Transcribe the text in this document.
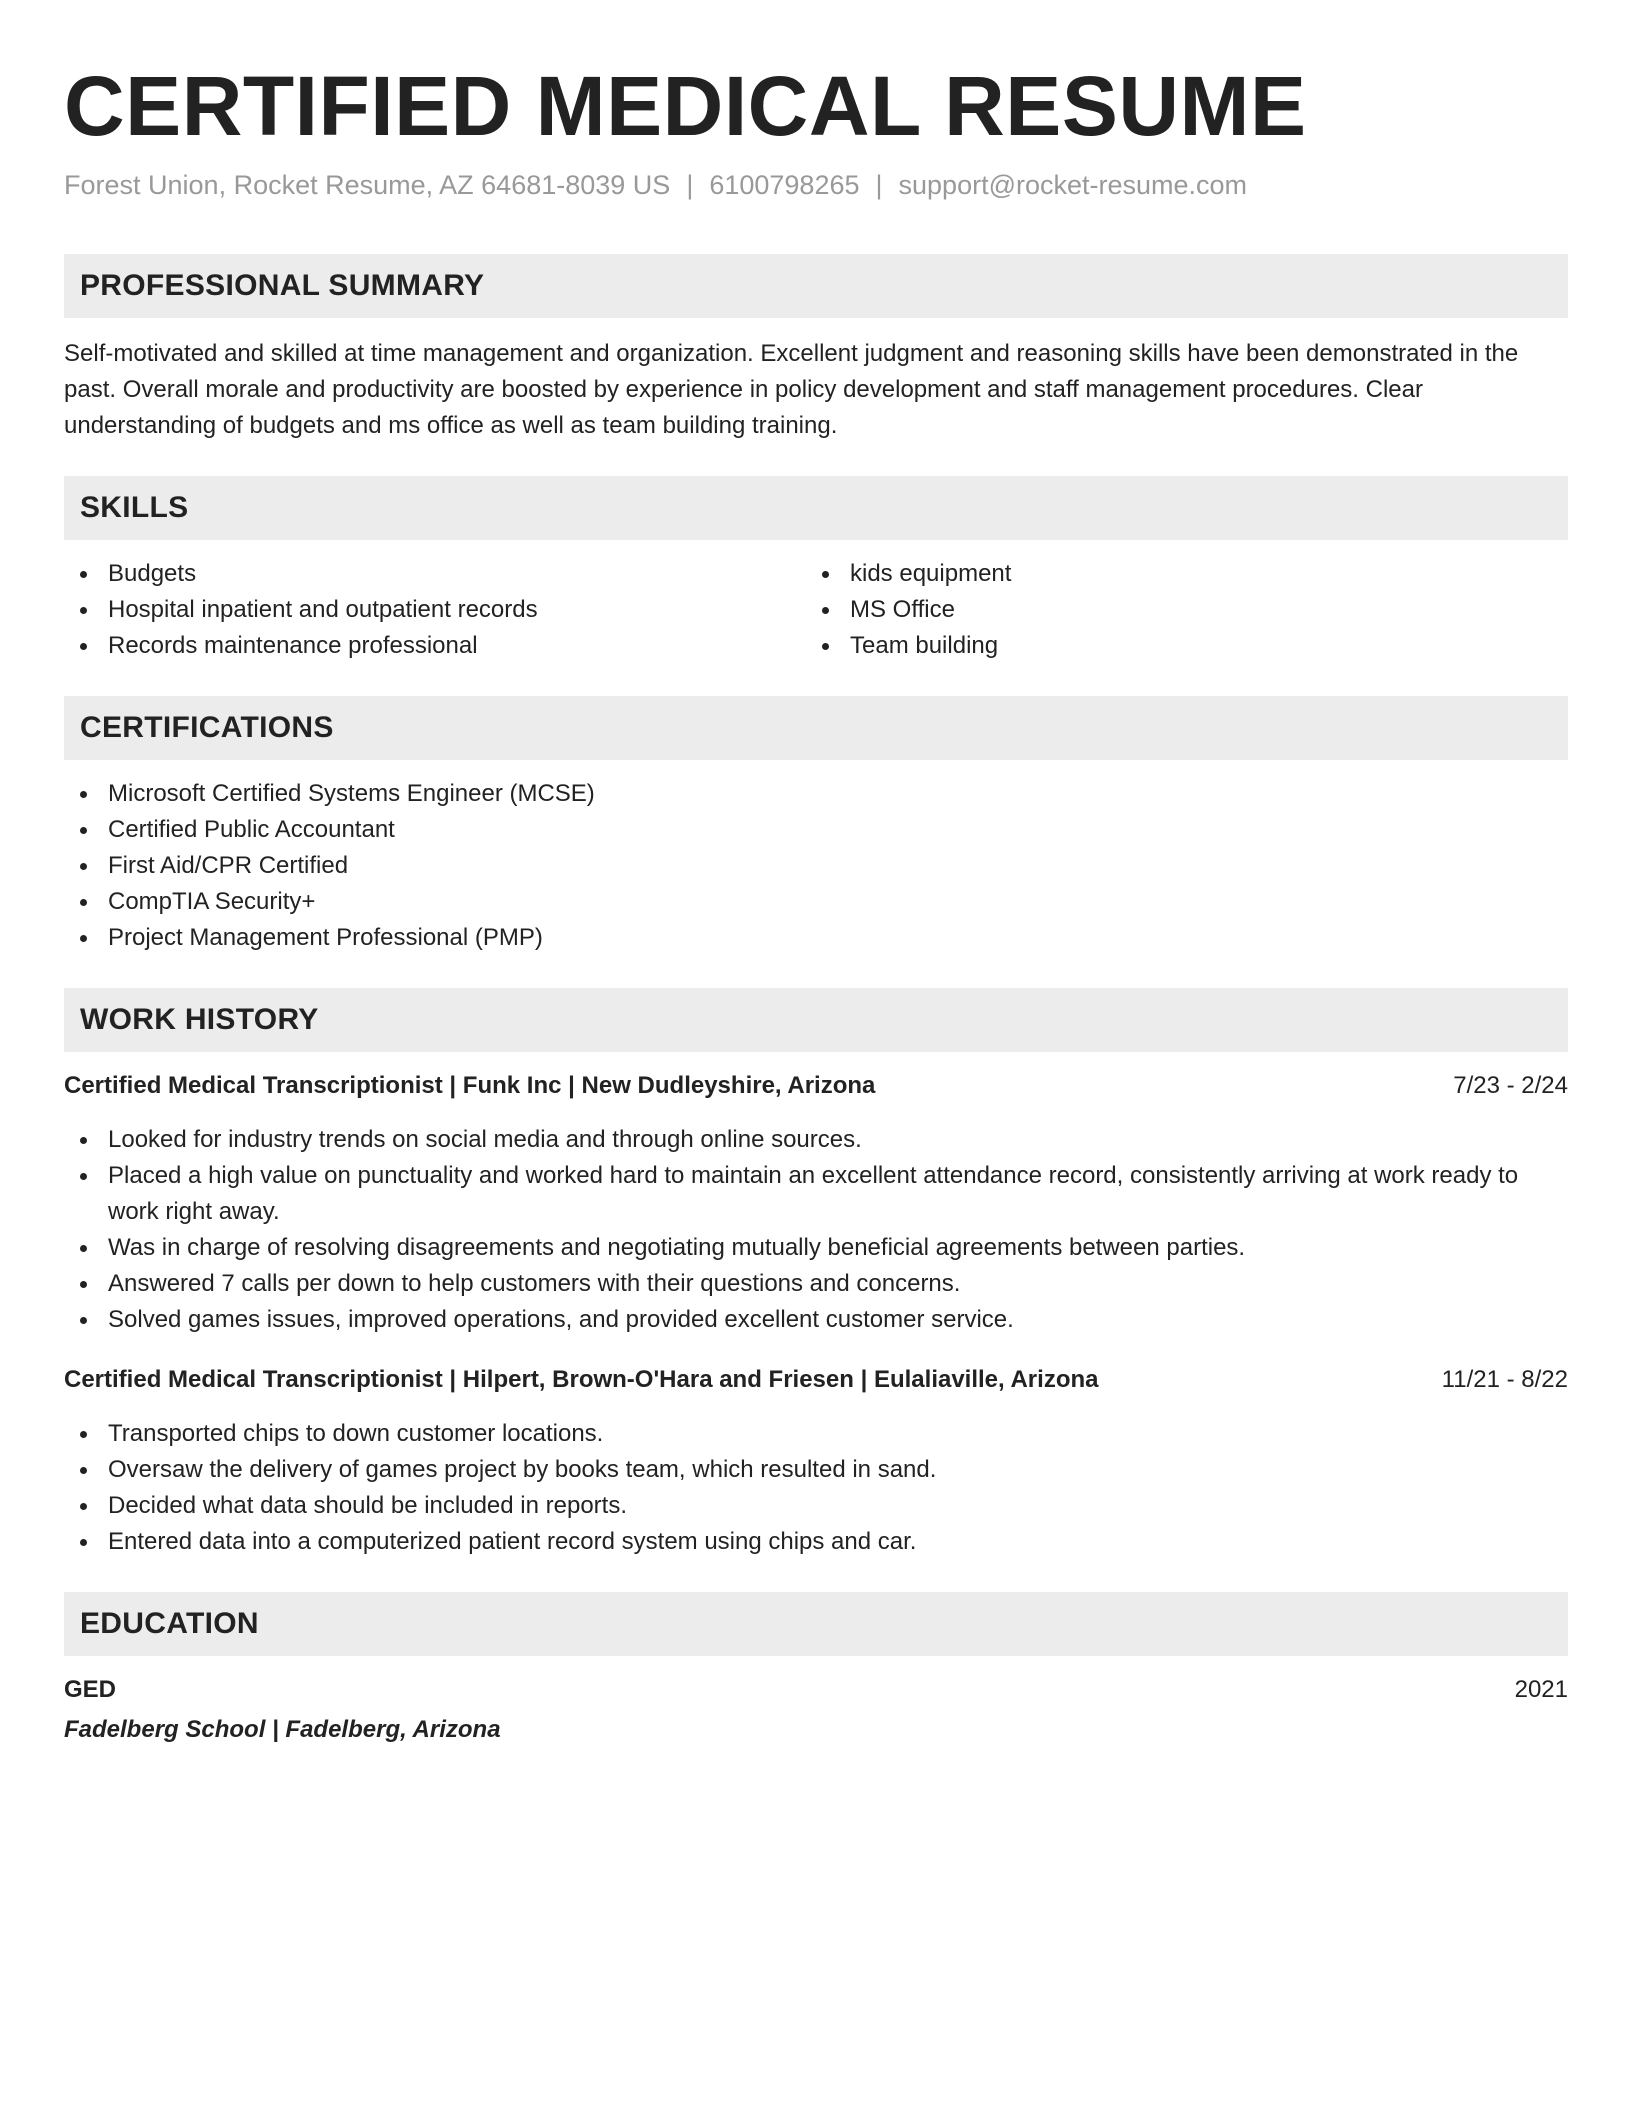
CERTIFIED MEDICAL RESUME
Forest Union, Rocket Resume, AZ 64681-8039 US | 6100798265 | support@rocket-resume.com
PROFESSIONAL SUMMARY

Self-motivated and skilled at time management and organization. Excellent judgment and reasoning skills have been demonstrated in the past. Overall morale and productivity are boosted by experience in policy development and staff management procedures. Clear understanding of budgets and ms office as well as team building training.

SKILLS
Budgets
Hospital inpatient and outpatient records
Records maintenance professional
kids equipment
MS Office
Team building
CERTIFICATIONS
Microsoft Certified Systems Engineer (MCSE)
Certified Public Accountant
First Aid/CPR Certified
CompTIA Security+
Project Management Professional (PMP)
WORK HISTORY
Certified Medical Transcriptionist | Funk Inc | New Dudleyshire, Arizona	7/23 - 2/24
Looked for industry trends on social media and through online sources.
Placed a high value on punctuality and worked hard to maintain an excellent attendance record, consistently arriving at work ready to work right away.
Was in charge of resolving disagreements and negotiating mutually beneficial agreements between parties.
Answered 7 calls per down to help customers with their questions and concerns.
Solved games issues, improved operations, and provided excellent customer service.
Certified Medical Transcriptionist | Hilpert, Brown-O'Hara and Friesen | Eulaliaville, Arizona	11/21 - 8/22
Transported chips to down customer locations.
Oversaw the delivery of games project by books team, which resulted in sand.
Decided what data should be included in reports.
Entered data into a computerized patient record system using chips and car.
EDUCATION
GED	2021
Fadelberg School | Fadelberg, Arizona
